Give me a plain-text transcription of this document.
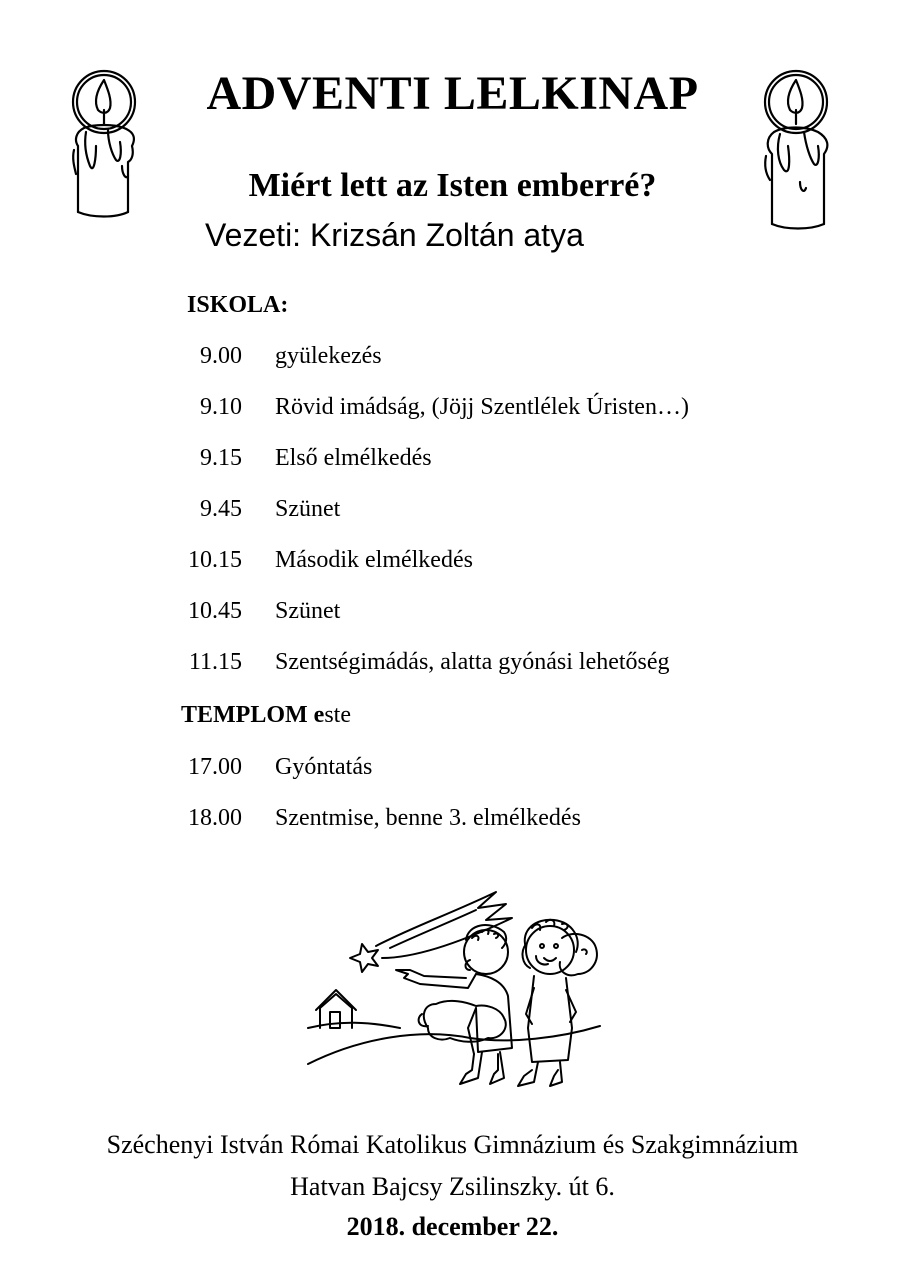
ADVENTI LELKINAP
Miért lett az Isten emberré?
Vezeti: Krizsán Zoltán atya
ISKOLA:
9.00 gyülekezés
9.10 Rövid imádság, (Jöjj Szentlélek Úristen…)
9.15 Első elmélkedés
9.45 Szünet
10.15 Második elmélkedés
10.45 Szünet
11.15 Szentségimádás, alatta gyónási lehetőség
TEMPLOM este
17.00 Gyóntatás
18.00 Szentmise, benne 3. elmélkedés
Széchenyi István Római Katolikus Gimnázium és Szakgimnázium
Hatvan Bajcsy Zsilinszky. út 6.
2018. december 22.
